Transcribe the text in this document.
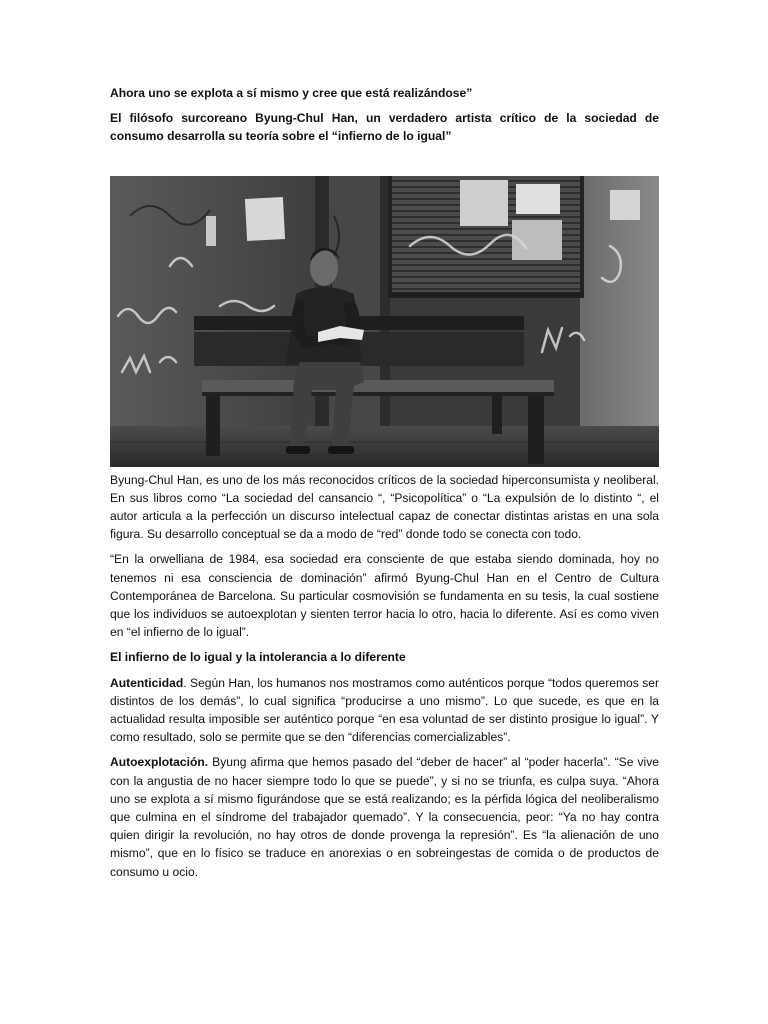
Ahora uno se explota a sí mismo y cree que está realizándose”

El filósofo surcoreano Byung-Chul Han, un verdadero artista crítico de la sociedad de consumo desarrolla su teoría sobre el “infierno de lo igual”

Byung-Chul Han, es uno de los más reconocidos críticos de la sociedad hiperconsumista y neoliberal. En sus libros como “La sociedad del cansancio “, “Psicopolítica” o “La expulsión de lo distinto “, el autor articula a la perfección un discurso intelectual capaz de conectar distintas aristas en una sola figura. Su desarrollo conceptual se da a modo de “red” donde todo se conecta con todo.

“En la orwelliana de 1984, esa sociedad era consciente de que estaba siendo dominada, hoy no tenemos ni esa consciencia de dominación” afirmó Byung-Chul Han en el Centro de Cultura Contemporánea de Barcelona. Su particular cosmovisión se fundamenta en su tesis, la cual sostiene que los individuos se autoexplotan y sienten terror hacia lo otro, hacia lo diferente. Así es como viven en “el infierno de lo igual”.

El infierno de lo igual y la intolerancia a lo diferente

Autenticidad. Según Han, los humanos nos mostramos como auténticos porque “todos queremos ser distintos de los demás”, lo cual significa “producirse a uno mismo”. Lo que sucede, es que en la actualidad resulta imposible ser auténtico porque “en esa voluntad de ser distinto prosigue lo igual”. Y como resultado, solo se permite que se den “diferencias comercializables”.

Autoexplotación. Byung afirma que hemos pasado del “deber de hacer” al “poder hacerla”. “Se vive con la angustia de no hacer siempre todo lo que se puede”, y si no se triunfa, es culpa suya. “Ahora uno se explota a sí mismo figurándose que se está realizando; es la pérfida lógica del neoliberalismo que culmina en el síndrome del trabajador quemado”. Y la consecuencia, peor: “Ya no hay contra quien dirigir la revolución, no hay otros de donde provenga la represión”. Es “la alienación de uno mismo”, que en lo físico se traduce en anorexias o en sobreingestas de comida o de productos de consumo u ocio.
